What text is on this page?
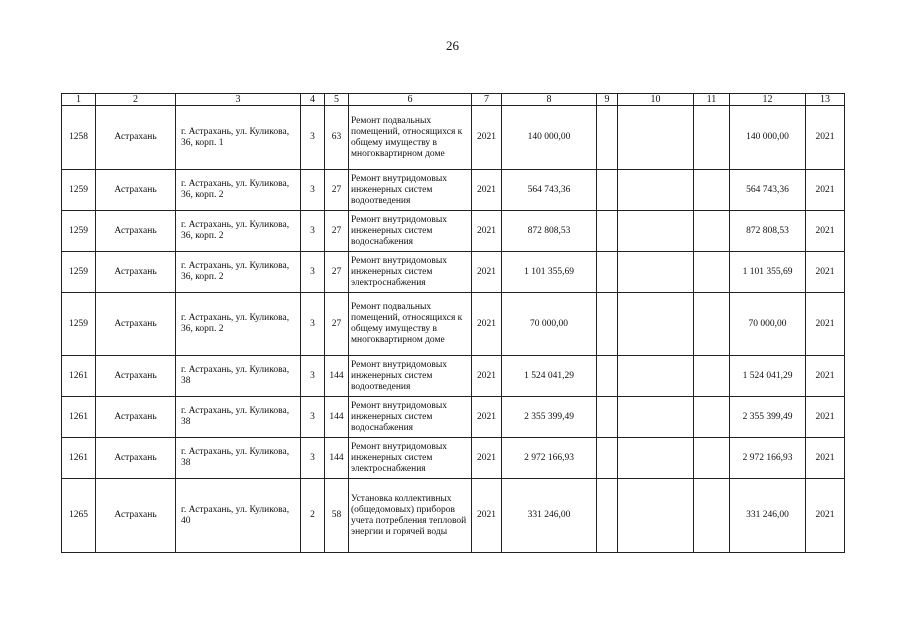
26
1	2	3	4	5	6	7	8	9	10	11	12	13
1258	Астрахань	г. Астрахань, ул. Куликова, 36, корп. 1	3	63	Ремонт подвальных помещений, относящихся к общему имуществу в многоквартирном доме	2021	140 000,00				140 000,00	2021
1259	Астрахань	г. Астрахань, ул. Куликова, 36, корп. 2	3	27	Ремонт внутридомовых инженерных систем водоотведения	2021	564 743,36				564 743,36	2021
1259	Астрахань	г. Астрахань, ул. Куликова, 36, корп. 2	3	27	Ремонт внутридомовых инженерных систем водоснабжения	2021	872 808,53				872 808,53	2021
1259	Астрахань	г. Астрахань, ул. Куликова, 36, корп. 2	3	27	Ремонт внутридомовых инженерных систем электроснабжения	2021	1 101 355,69				1 101 355,69	2021
1259	Астрахань	г. Астрахань, ул. Куликова, 36, корп. 2	3	27	Ремонт подвальных помещений, относящихся к общему имуществу в многоквартирном доме	2021	70 000,00				70 000,00	2021
1261	Астрахань	г. Астрахань, ул. Куликова, 38	3	144	Ремонт внутридомовых инженерных систем водоотведения	2021	1 524 041,29				1 524 041,29	2021
1261	Астрахань	г. Астрахань, ул. Куликова, 38	3	144	Ремонт внутридомовых инженерных систем водоснабжения	2021	2 355 399,49				2 355 399,49	2021
1261	Астрахань	г. Астрахань, ул. Куликова, 38	3	144	Ремонт внутридомовых инженерных систем электроснабжения	2021	2 972 166,93				2 972 166,93	2021
1265	Астрахань	г. Астрахань, ул. Куликова, 40	2	58	Установка коллективных (общедомовых) приборов учета потребления тепловой энергии и горячей воды	2021	331 246,00				331 246,00	2021
